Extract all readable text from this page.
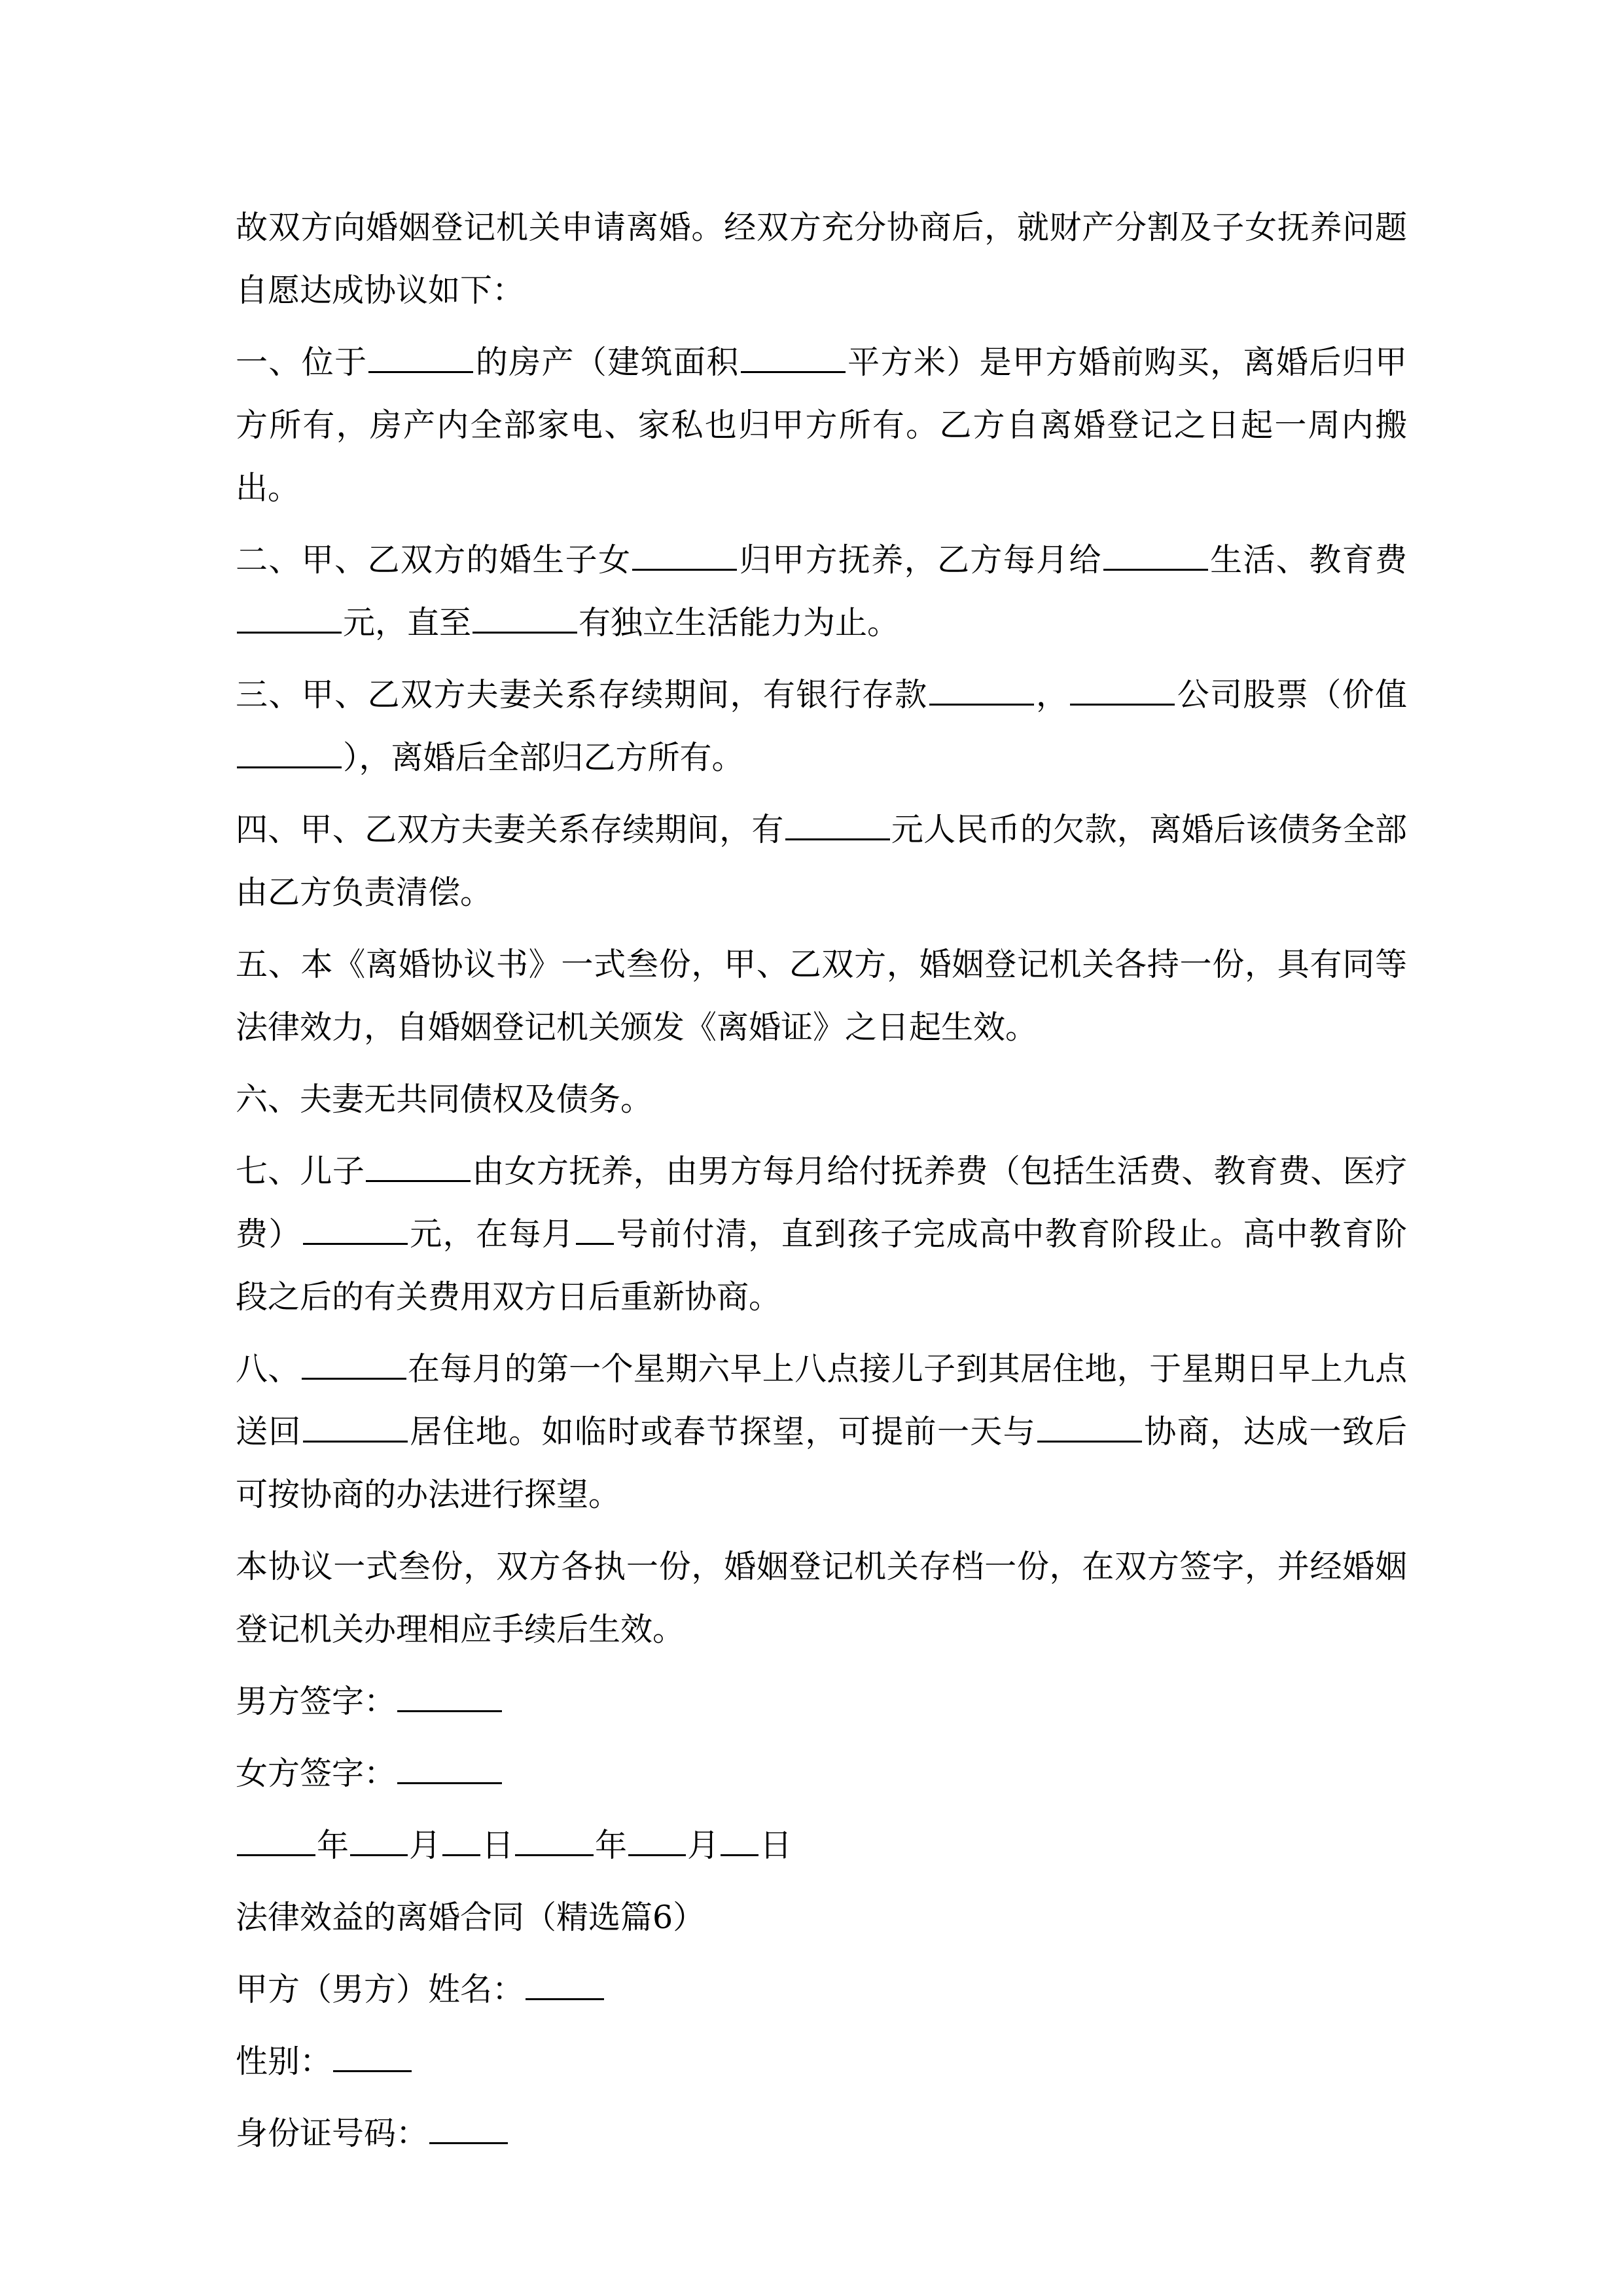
故双方向婚姻登记机关申请离婚。经双方充分协商后，就财产分割及子女抚养问题自愿达成协议如下：
一、位于	的房产（建筑面积	平方米）是甲方婚前购买，离婚后归甲方所有，房产内全部家电、家私也归甲方所有。乙方自离婚登记之日起一周内搬出。
二、甲、乙双方的婚生子女	归甲方抚养，乙方每月给	生活、教育费元，直至	有独立生活能力为止。
三、甲、乙双方夫妻关系存续期间，有银行存款	，	公司股票（价值），离婚后全部归乙方所有。
四、甲、乙双方夫妻关系存续期间，有	元人民币的欠款，离婚后该债务全部由乙方负责清偿。
五、本《离婚协议书》一式叁份，甲、乙双方，婚姻登记机关各持一份，具有同等法律效力，自婚姻登记机关颁发《离婚证》之日起生效。
六、夫妻无共同债权及债务。
七、儿子	由女方抚养，由男方每月给付抚养费（包括生活费、教育费、医疗费）	元，在每月 号前付清，直到孩子完成高中教育阶段止。高中教育阶段之后的有关费用双方日后重新协商。
八、	在每月的第一个星期六早上八点接儿子到其居住地，于星期日早上九点送回	居住地。如临时或春节探望，可提前一天与	协商，达成一致后可按协商的办法进行探望。
本协议一式叁份，双方各执一份，婚姻登记机关存档一份，在双方签字，并经婚姻登记机关办理相应手续后生效。
男方签字：
女方签字：
年 月 日	年 月 日
法律效益的离婚合同（精选篇6）
甲方（男方）姓名：
性别：
身份证号码：
